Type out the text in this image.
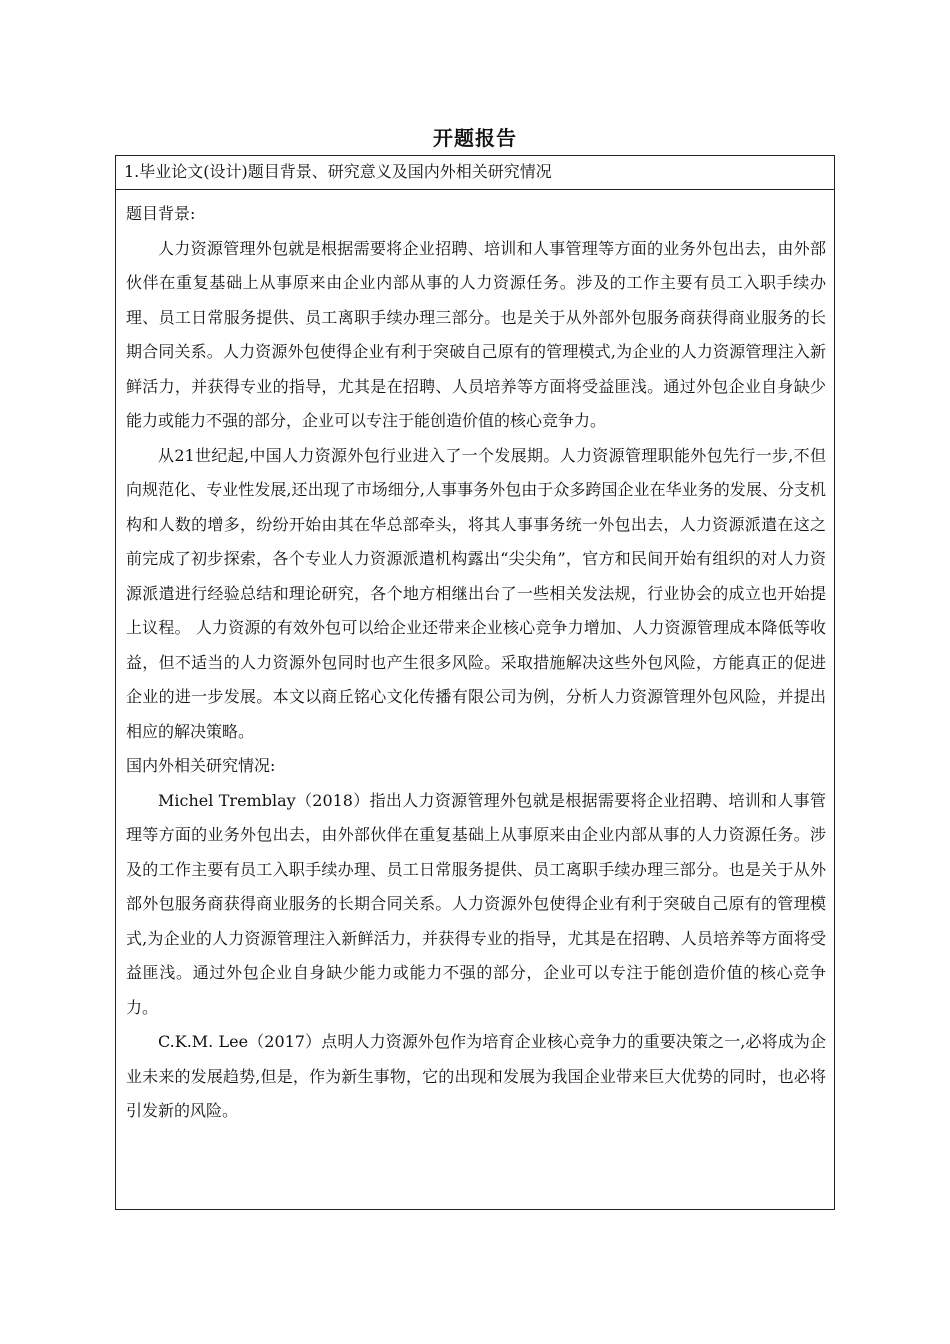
开题报告
1.毕业论文(设计)题目背景、研究意义及国内外相关研究情况

题目背景:

人力资源管理外包就是根据需要将企业招聘、培训和人事管理等方面的业务外包出去，由外部伙伴在重复基础上从事原来由企业内部从事的人力资源任务。涉及的工作主要有员工入职手续办理、员工日常服务提供、员工离职手续办理三部分。也是关于从外部外包服务商获得商业服务的长期合同关系。人力资源外包使得企业有利于突破自己原有的管理模式,为企业的人力资源管理注入新鲜活力，并获得专业的指导，尤其是在招聘、人员培养等方面将受益匪浅。通过外包企业自身缺少能力或能力不强的部分，企业可以专注于能创造价值的核心竞争力。

从21世纪起,中国人力资源外包行业进入了一个发展期。人力资源管理职能外包先行一步,不但向规范化、专业性发展,还出现了市场细分,人事事务外包由于众多跨国企业在华业务的发展、分支机构和人数的增多，纷纷开始由其在华总部牵头，将其人事事务统一外包出去，人力资源派遣在这之前完成了初步探索，各个专业人力资源派遣机构露出“尖尖角”，官方和民间开始有组织的对人力资源派遣进行经验总结和理论研究，各个地方相继出台了一些相关发法规，行业协会的成立也开始提上议程。 人力资源的有效外包可以给企业还带来企业核心竞争力增加、人力资源管理成本降低等收益，但不适当的人力资源外包同时也产生很多风险。采取措施解决这些外包风险，方能真正的促进企业的进一步发展。本文以商丘铭心文化传播有限公司为例，分析人力资源管理外包风险，并提出相应的解决策略。

国内外相关研究情况:

Michel Tremblay（2018）指出人力资源管理外包就是根据需要将企业招聘、培训和人事管理等方面的业务外包出去，由外部伙伴在重复基础上从事原来由企业内部从事的人力资源任务。涉及的工作主要有员工入职手续办理、员工日常服务提供、员工离职手续办理三部分。也是关于从外部外包服务商获得商业服务的长期合同关系。人力资源外包使得企业有利于突破自己原有的管理模式,为企业的人力资源管理注入新鲜活力，并获得专业的指导，尤其是在招聘、人员培养等方面将受益匪浅。通过外包企业自身缺少能力或能力不强的部分，企业可以专注于能创造价值的核心竞争力。

C.K.M. Lee（2017）点明人力资源外包作为培育企业核心竞争力的重要决策之一,必将成为企业未来的发展趋势,但是，作为新生事物，它的出现和发展为我国企业带来巨大优势的同时，也必将引发新的风险。
